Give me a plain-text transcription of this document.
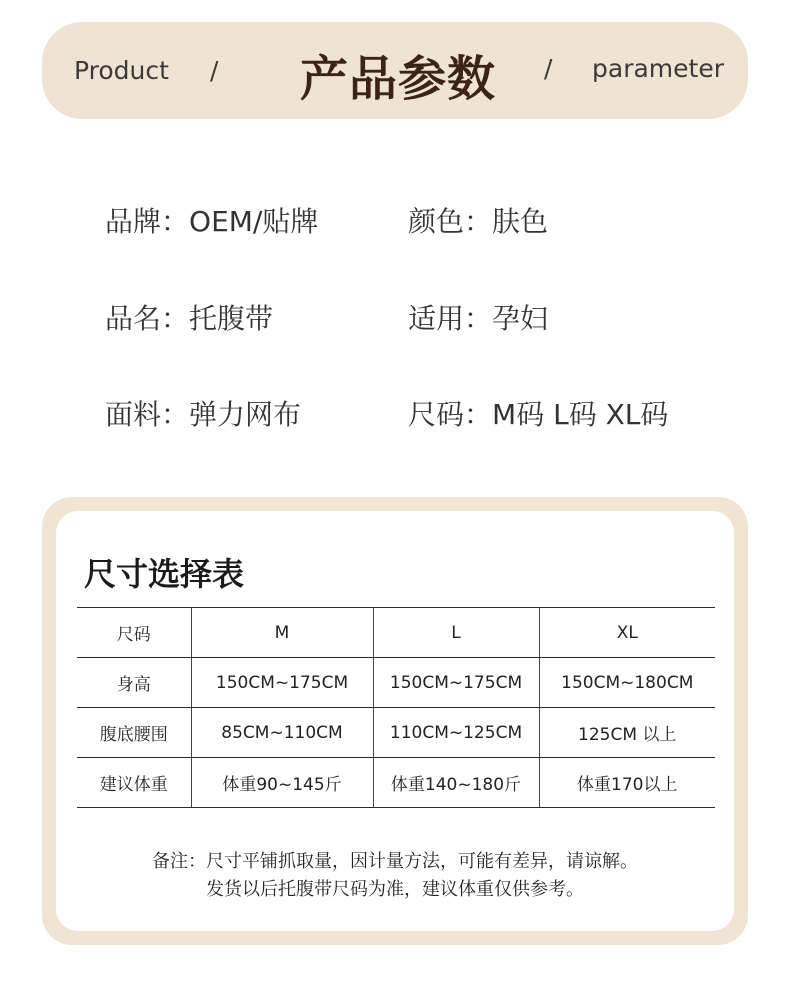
Product / 产品参数 / parameter
品牌：OEM/贴牌	颜色：肤色
品名：托腹带	适用：孕妇
面料：弹力网布	尺码：M码 L码 XL码
尺寸选择表
尺码	M	L	XL
身高	150CM~175CM	150CM~175CM	150CM~180CM
腹底腰围	85CM~110CM	110CM~125CM	125CM 以上
建议体重	体重90~145斤	体重140~180斤	体重170以上
备注：尺寸平铺抓取量，因计量方法，可能有差异，请谅解。
发货以后托腹带尺码为准，建议体重仅供参考。
